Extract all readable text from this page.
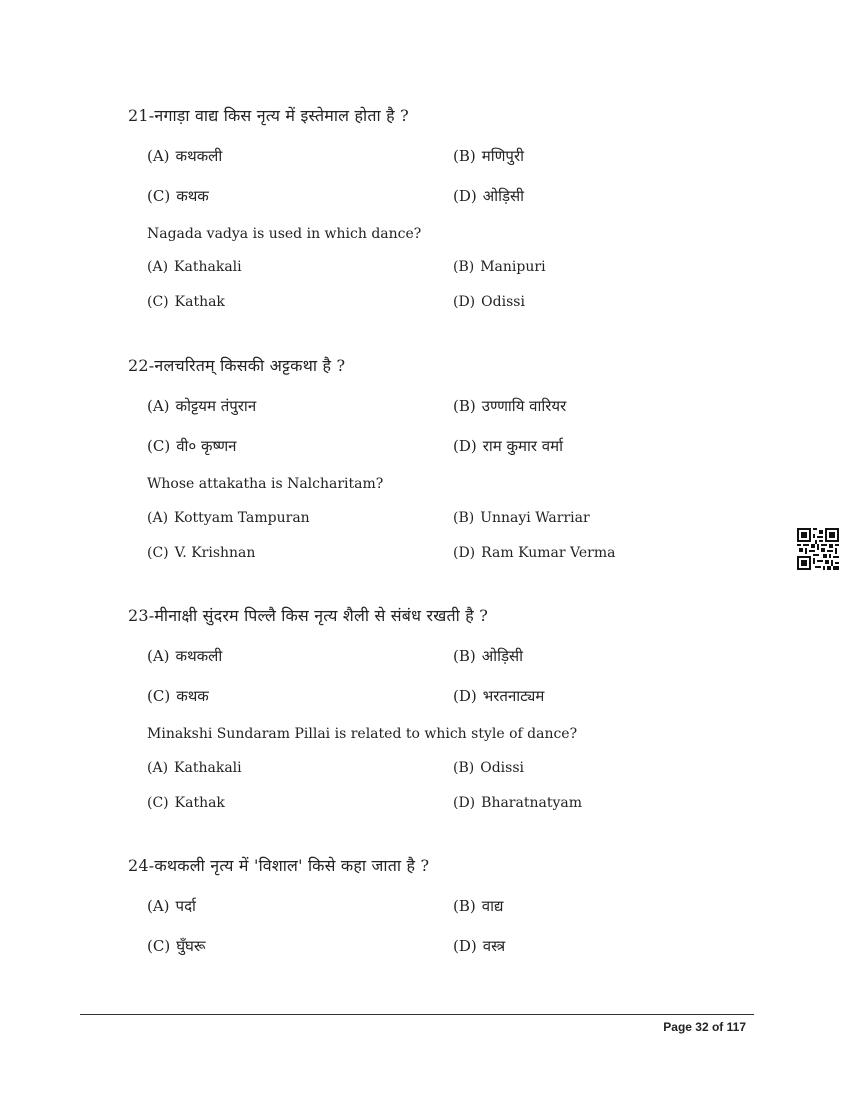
21-नगाड़ा वाद्य किस नृत्य में इस्तेमाल होता है ?
(A) कथकली	(B) मणिपुरी
(C) कथक	(D) ओड़िसी
Nagada vadya is used in which dance?
(A) Kathakali	(B) Manipuri
(C) Kathak	(D) Odissi
22-नलचरितम् किसकी अट्टकथा है ?
(A) कोट्टयम तंपुरान	(B) उण्णायि वारियर
(C) वी० कृष्णन	(D) राम कुमार वर्मा
Whose attakatha is Nalcharitam?
(A) Kottyam Tampuran	(B) Unnayi Warriar
(C) V. Krishnan	(D) Ram Kumar Verma
23-मीनाक्षी सुंदरम पिल्लै किस नृत्य शैली से संबंध रखती है ?
(A) कथकली	(B) ओड़िसी
(C) कथक	(D) भरतनाट्यम
Minakshi Sundaram Pillai is related to which style of dance?
(A) Kathakali	(B) Odissi
(C) Kathak	(D) Bharatnatyam
24-कथकली नृत्य में 'विशाल' किसे कहा जाता है ?
(A) पर्दा	(B) वाद्य
(C) घुँघरू	(D) वस्त्र
Page 32 of 117
